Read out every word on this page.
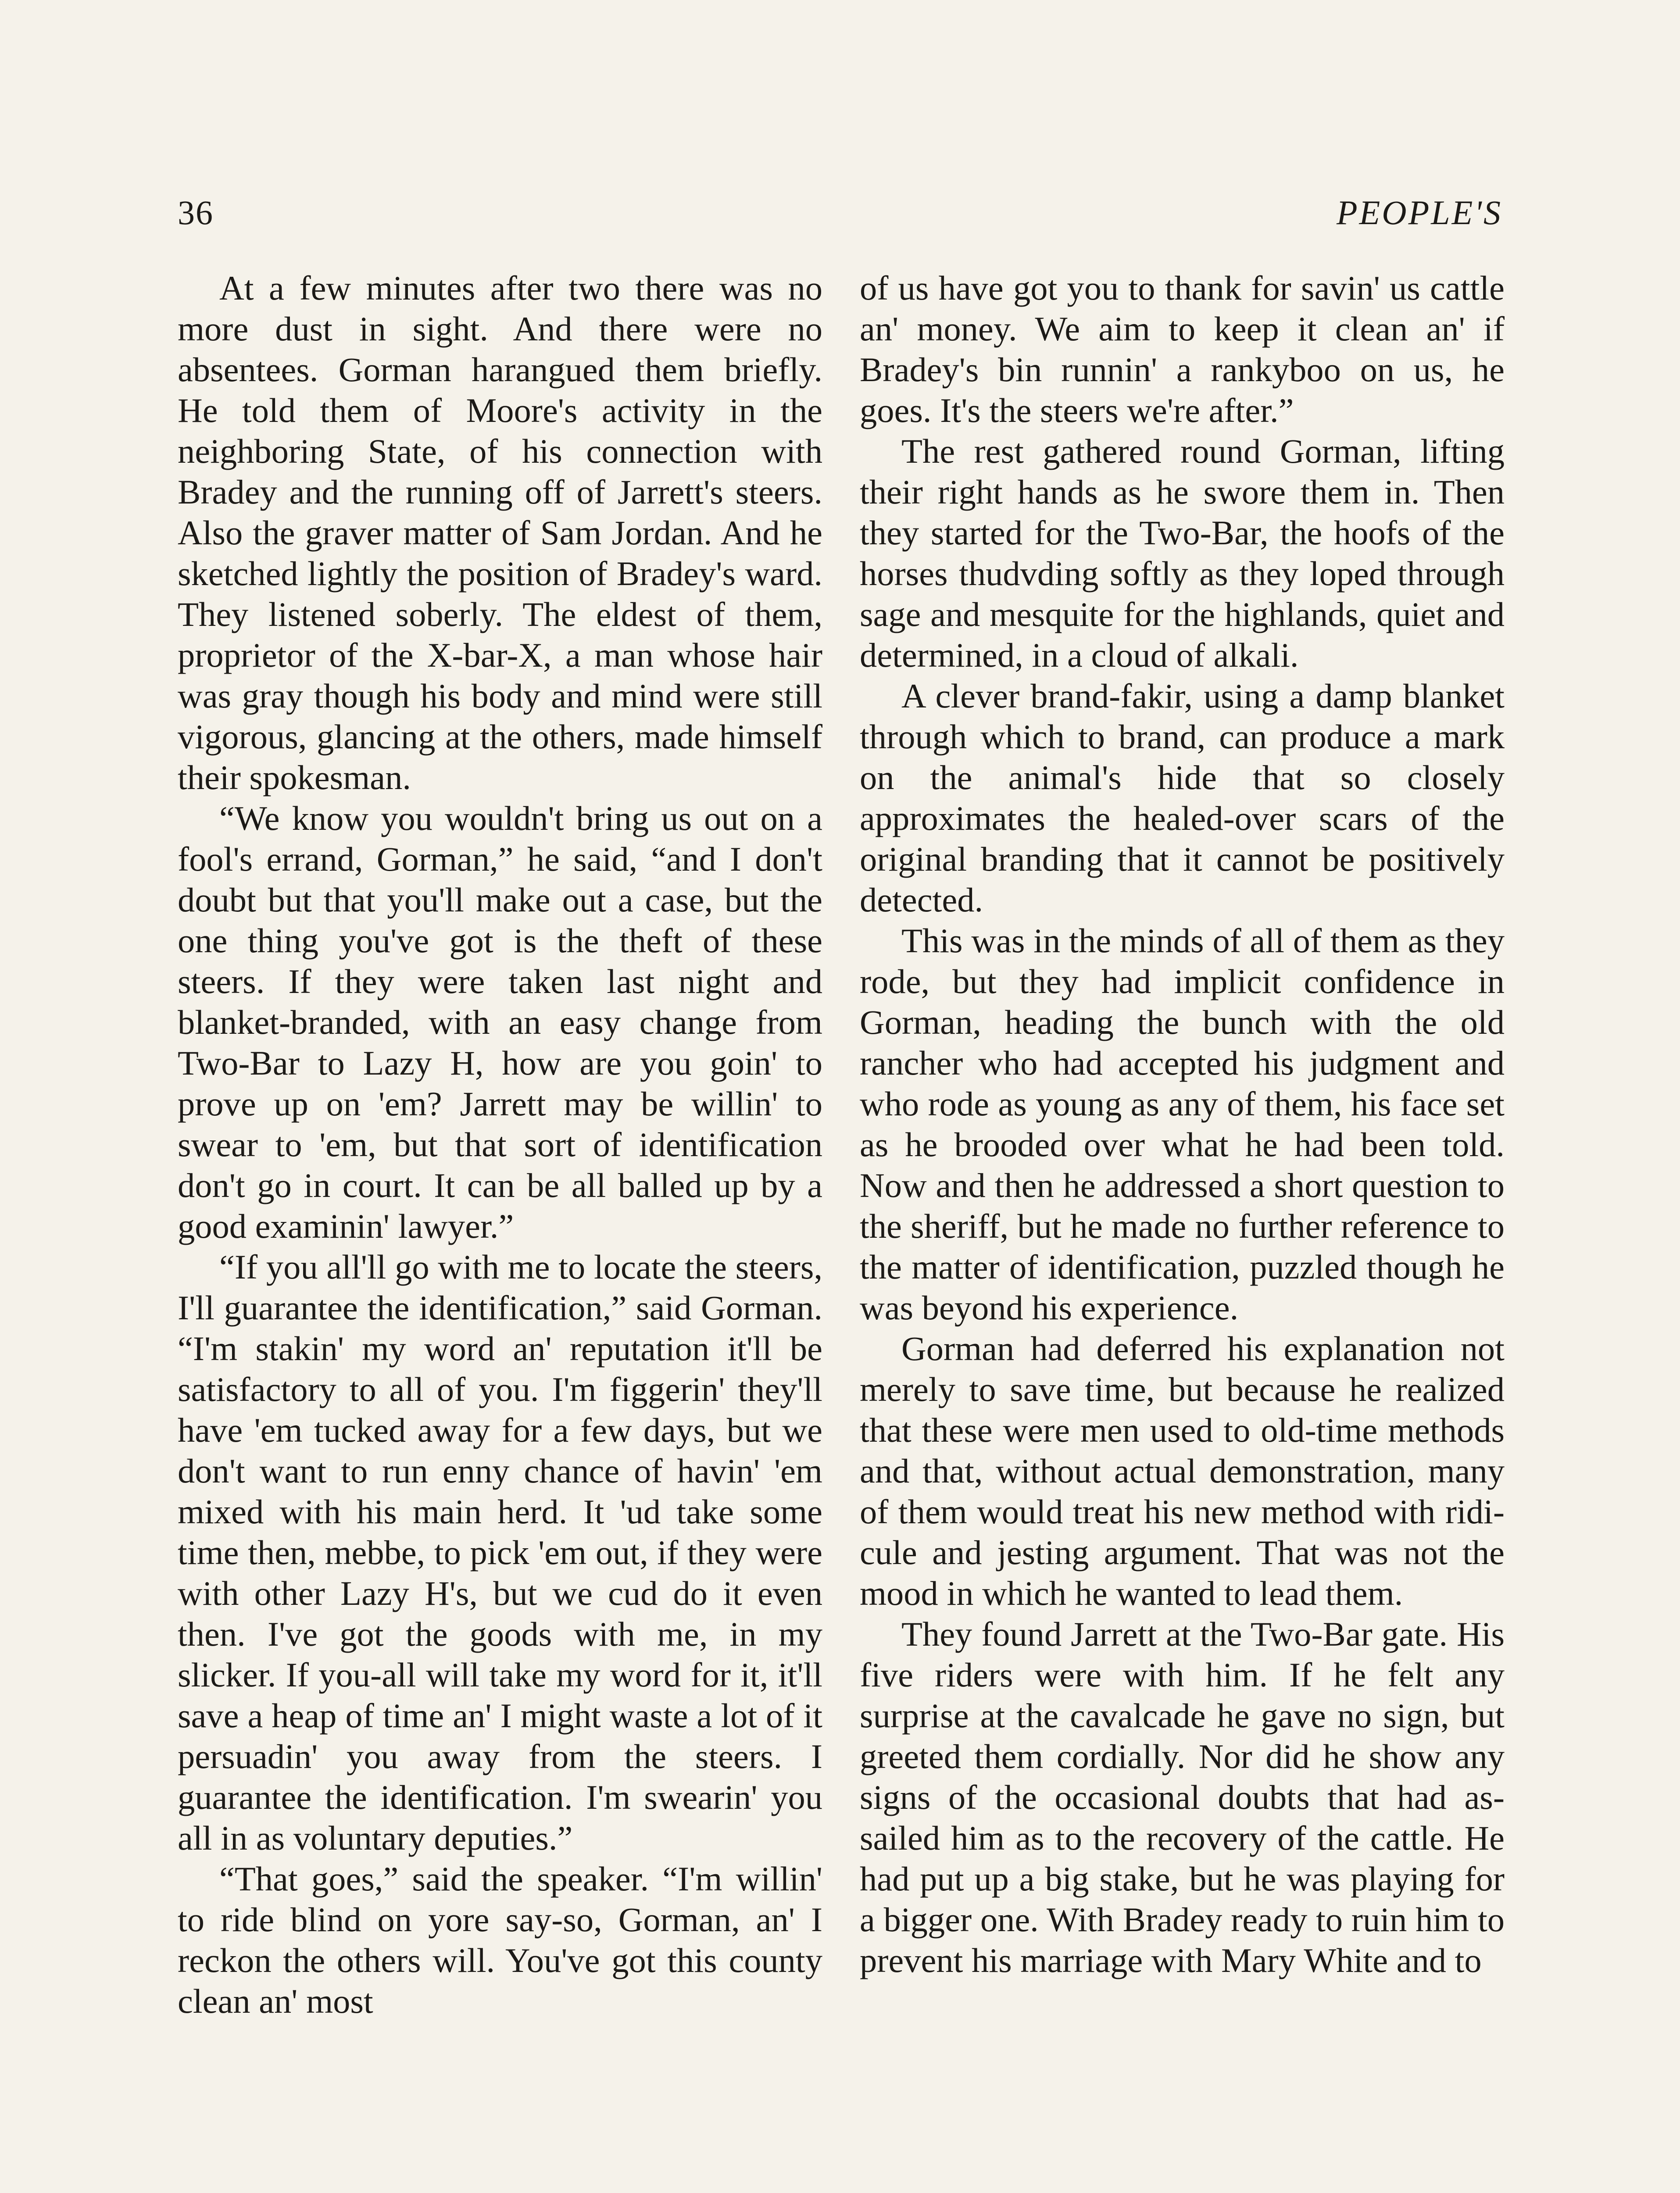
36	PEOPLE'S

At a few minutes after two there was no more dust in sight. And there were no absentees. Gorman harangued them briefly. He told them of Moore's activity in the neighboring State, of his connection with Bradey and the running off of Jarrett's steers. Also the graver matter of Sam Jordan. And he sketched lightly the position of Bradey's ward. They listened soberly. The eldest of them, proprietor of the X-bar-X, a man whose hair was gray though his body and mind were still vigorous, glancing at the others, made himself their spokesman.

“We know you wouldn't bring us out on a fool's errand, Gorman,” he said, “and I don't doubt but that you'll make out a case, but the one thing you've got is the theft of these steers. If they were taken last night and blanket-branded, with an easy change from Two-Bar to Lazy H, how are you goin' to prove up on 'em? Jarrett may be willin' to swear to 'em, but that sort of identification don't go in court. It can be all balled up by a good examinin' lawyer.”

“If you all'll go with me to locate the steers, I'll guarantee the identification,” said Gorman. “I'm stakin' my word an' reputation it'll be satisfactory to all of you. I'm figgerin' they'll have 'em tucked away for a few days, but we don't want to run enny chance of havin' 'em mixed with his main herd. It 'ud take some time then, mebbe, to pick 'em out, if they were with other Lazy H's, but we cud do it even then. I've got the goods with me, in my slicker. If you-all will take my word for it, it'll save a heap of time an' I might waste a lot of it persuadin' you away from the steers. I guarantee the identification. I'm swearin' you all in as voluntary deputies.”

“That goes,” said the speaker. “I'm willin' to ride blind on yore say-so, Gorman, an' I reckon the others will. You've got this county clean an' most

of us have got you to thank for savin' us cattle an' money. We aim to keep it clean an' if Bradey's bin runnin' a rankyboo on us, he goes. It's the steers we're after.”

The rest gathered round Gorman, lifting their right hands as he swore them in. Then they started for the Two-Bar, the hoofs of the horses thudvding softly as they loped through sage and mesquite for the highlands, quiet and determined, in a cloud of alkali.

A clever brand-fakir, using a damp blanket through which to brand, can produce a mark on the animal's hide that so closely approximates the healed-over scars of the original branding that it cannot be positively detected.

This was in the minds of all of them as they rode, but they had implicit confidence in Gorman, heading the bunch with the old rancher who had accepted his judgment and who rode as young as any of them, his face set as he brooded over what he had been told. Now and then he addressed a short question to the sheriff, but he made no further reference to the matter of identification, puzzled though he was beyond his experience.

Gorman had deferred his explanation not merely to save time, but because he realized that these were men used to old-time methods and that, without actual demonstration, many of them would treat his new method with ridicule and jesting argument. That was not the mood in which he wanted to lead them.

They found Jarrett at the Two-Bar gate. His five riders were with him. If he felt any surprise at the cavalcade he gave no sign, but greeted them cordially. Nor did he show any signs of the occasional doubts that had assailed him as to the recovery of the cattle. He had put up a big stake, but he was playing for a bigger one. With Bradey ready to ruin him to prevent his marriage with Mary White and to
